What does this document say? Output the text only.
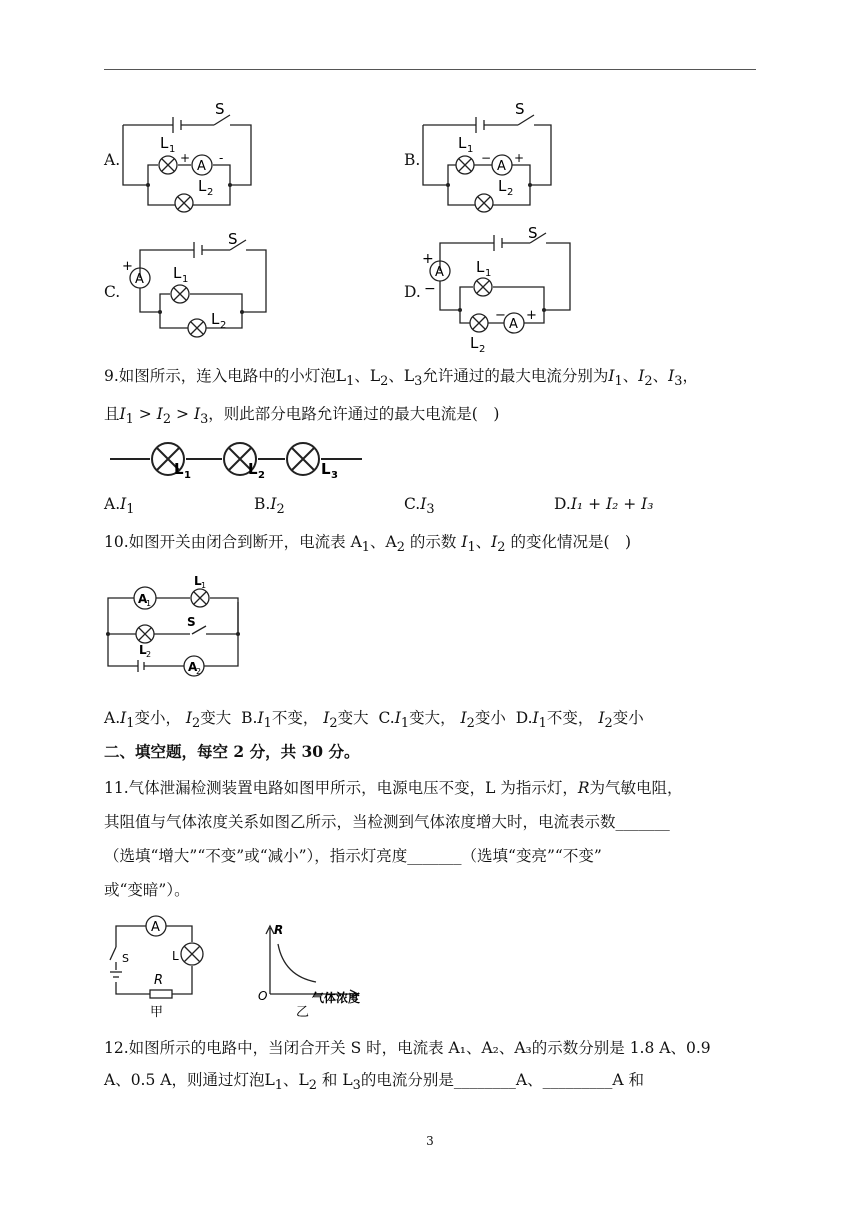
A.
S
L 1
A
+ -
L 2
B.
S
L 1
A
− +
L 2
C.
S
A
+	L 1
L 2
D.
S
A
+
−
L 1
A
− +
L 2
9.如图所示，连入电路中的小灯泡$L_1$、$L_2$、$L_3$允许通过的最大电流分别为$I_1$、$I_2$、$I_3$，
且$I_1 > I_2 > I_3$，则此部分电路允许通过的最大电流是(　)
L 1	L 2	L 3
$A.I_1$	$B.I_2$	$C.I_3$	D.I₁ + I₂ + I₃
10.如图开关由闭合到断开，电流表 $A_1$、$A_2$ 的示数 $I_1$、$I_2$ 的变化情况是(　)
A
1
A
2
L 1
L 2
S
$A.I_1$变小， $I_2$变大 $B.I_1$不变， $I_2$变大 $C.I_1$变大， $I_2$变小 $D.I_1$不变， $I_2$变小
二、填空题，每空 2 分，共 30 分。
11.气体泄漏检测装置电路如图甲所示，电源电压不变，L 为指示灯，R为气敏电阻，
其阻值与气体浓度关系如图乙所示，当检测到气体浓度增大时，电流表示数_______
（选填“增大”“不变”或“减小”），指示灯亮度_______（选填“变亮”“不变”
或“变暗”）。
A
S	L
R
甲
R
O	气体浓度
乙
12.如图所示的电路中，当闭合开关 S 时，电流表 A₁、A₂、A₃的示数分别是 1.8 A、0.9
A、0.5 A，则通过灯泡$L_1$、$L_2$ 和 $L_3$的电流分别是________A、_________A 和
3
